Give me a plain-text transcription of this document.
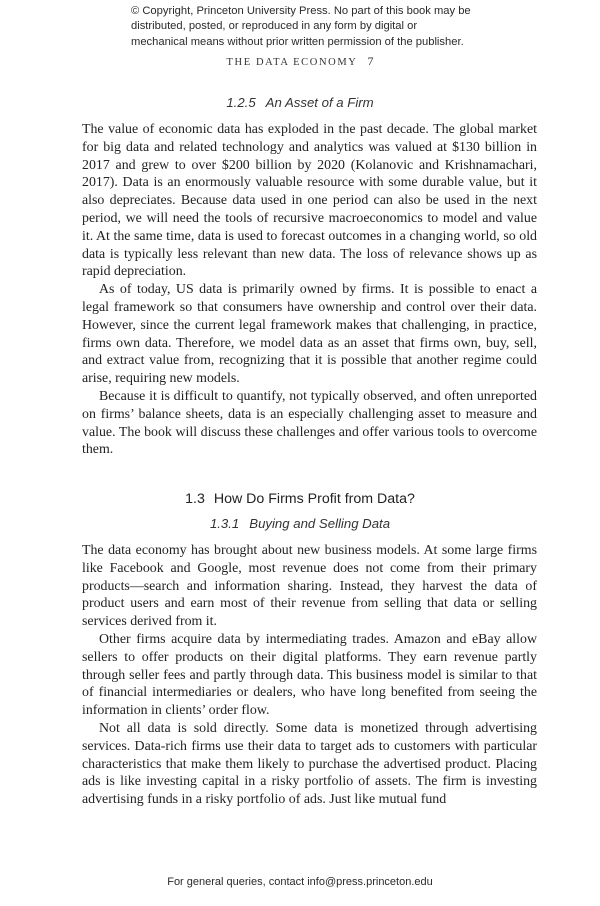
© Copyright, Princeton University Press. No part of this book may be distributed, posted, or reproduced in any form by digital or mechanical means without prior written permission of the publisher.
THE DATA ECONOMY 7
1.2.5 An Asset of a Firm

The value of economic data has exploded in the past decade. The global market for big data and related technology and analytics was valued at $130 billion in 2017 and grew to over $200 billion by 2020 (Kolanovic and Krishnamachari, 2017). Data is an enormously valuable resource with some durable value, but it also depreciates. Because data used in one period can also be used in the next period, we will need the tools of recursive macroeconomics to model and value it. At the same time, data is used to forecast outcomes in a changing world, so old data is typically less relevant than new data. The loss of relevance shows up as rapid depreciation.

As of today, US data is primarily owned by firms. It is possible to enact a legal framework so that consumers have ownership and control over their data. However, since the current legal framework makes that challenging, in practice, firms own data. Therefore, we model data as an asset that firms own, buy, sell, and extract value from, recognizing that it is possible that another regime could arise, requiring new models.

Because it is difficult to quantify, not typically observed, and often unreported on firms’ balance sheets, data is an especially challenging asset to measure and value. The book will discuss these challenges and offer various tools to overcome them.

1.3 How Do Firms Profit from Data?
1.3.1 Buying and Selling Data

The data economy has brought about new business models. At some large firms like Facebook and Google, most revenue does not come from their primary products—search and information sharing. Instead, they harvest the data of product users and earn most of their revenue from selling that data or selling services derived from it.

Other firms acquire data by intermediating trades. Amazon and eBay allow sellers to offer products on their digital platforms. They earn revenue partly through seller fees and partly through data. This business model is similar to that of financial intermediaries or dealers, who have long benefited from seeing the information in clients’ order flow.

Not all data is sold directly. Some data is monetized through advertising services. Data-rich firms use their data to target ads to customers with particular characteristics that make them likely to purchase the advertised product. Placing ads is like investing capital in a risky portfolio of assets. The firm is investing advertising funds in a risky portfolio of ads. Just like mutual fund

For general queries, contact info@press.princeton.edu
